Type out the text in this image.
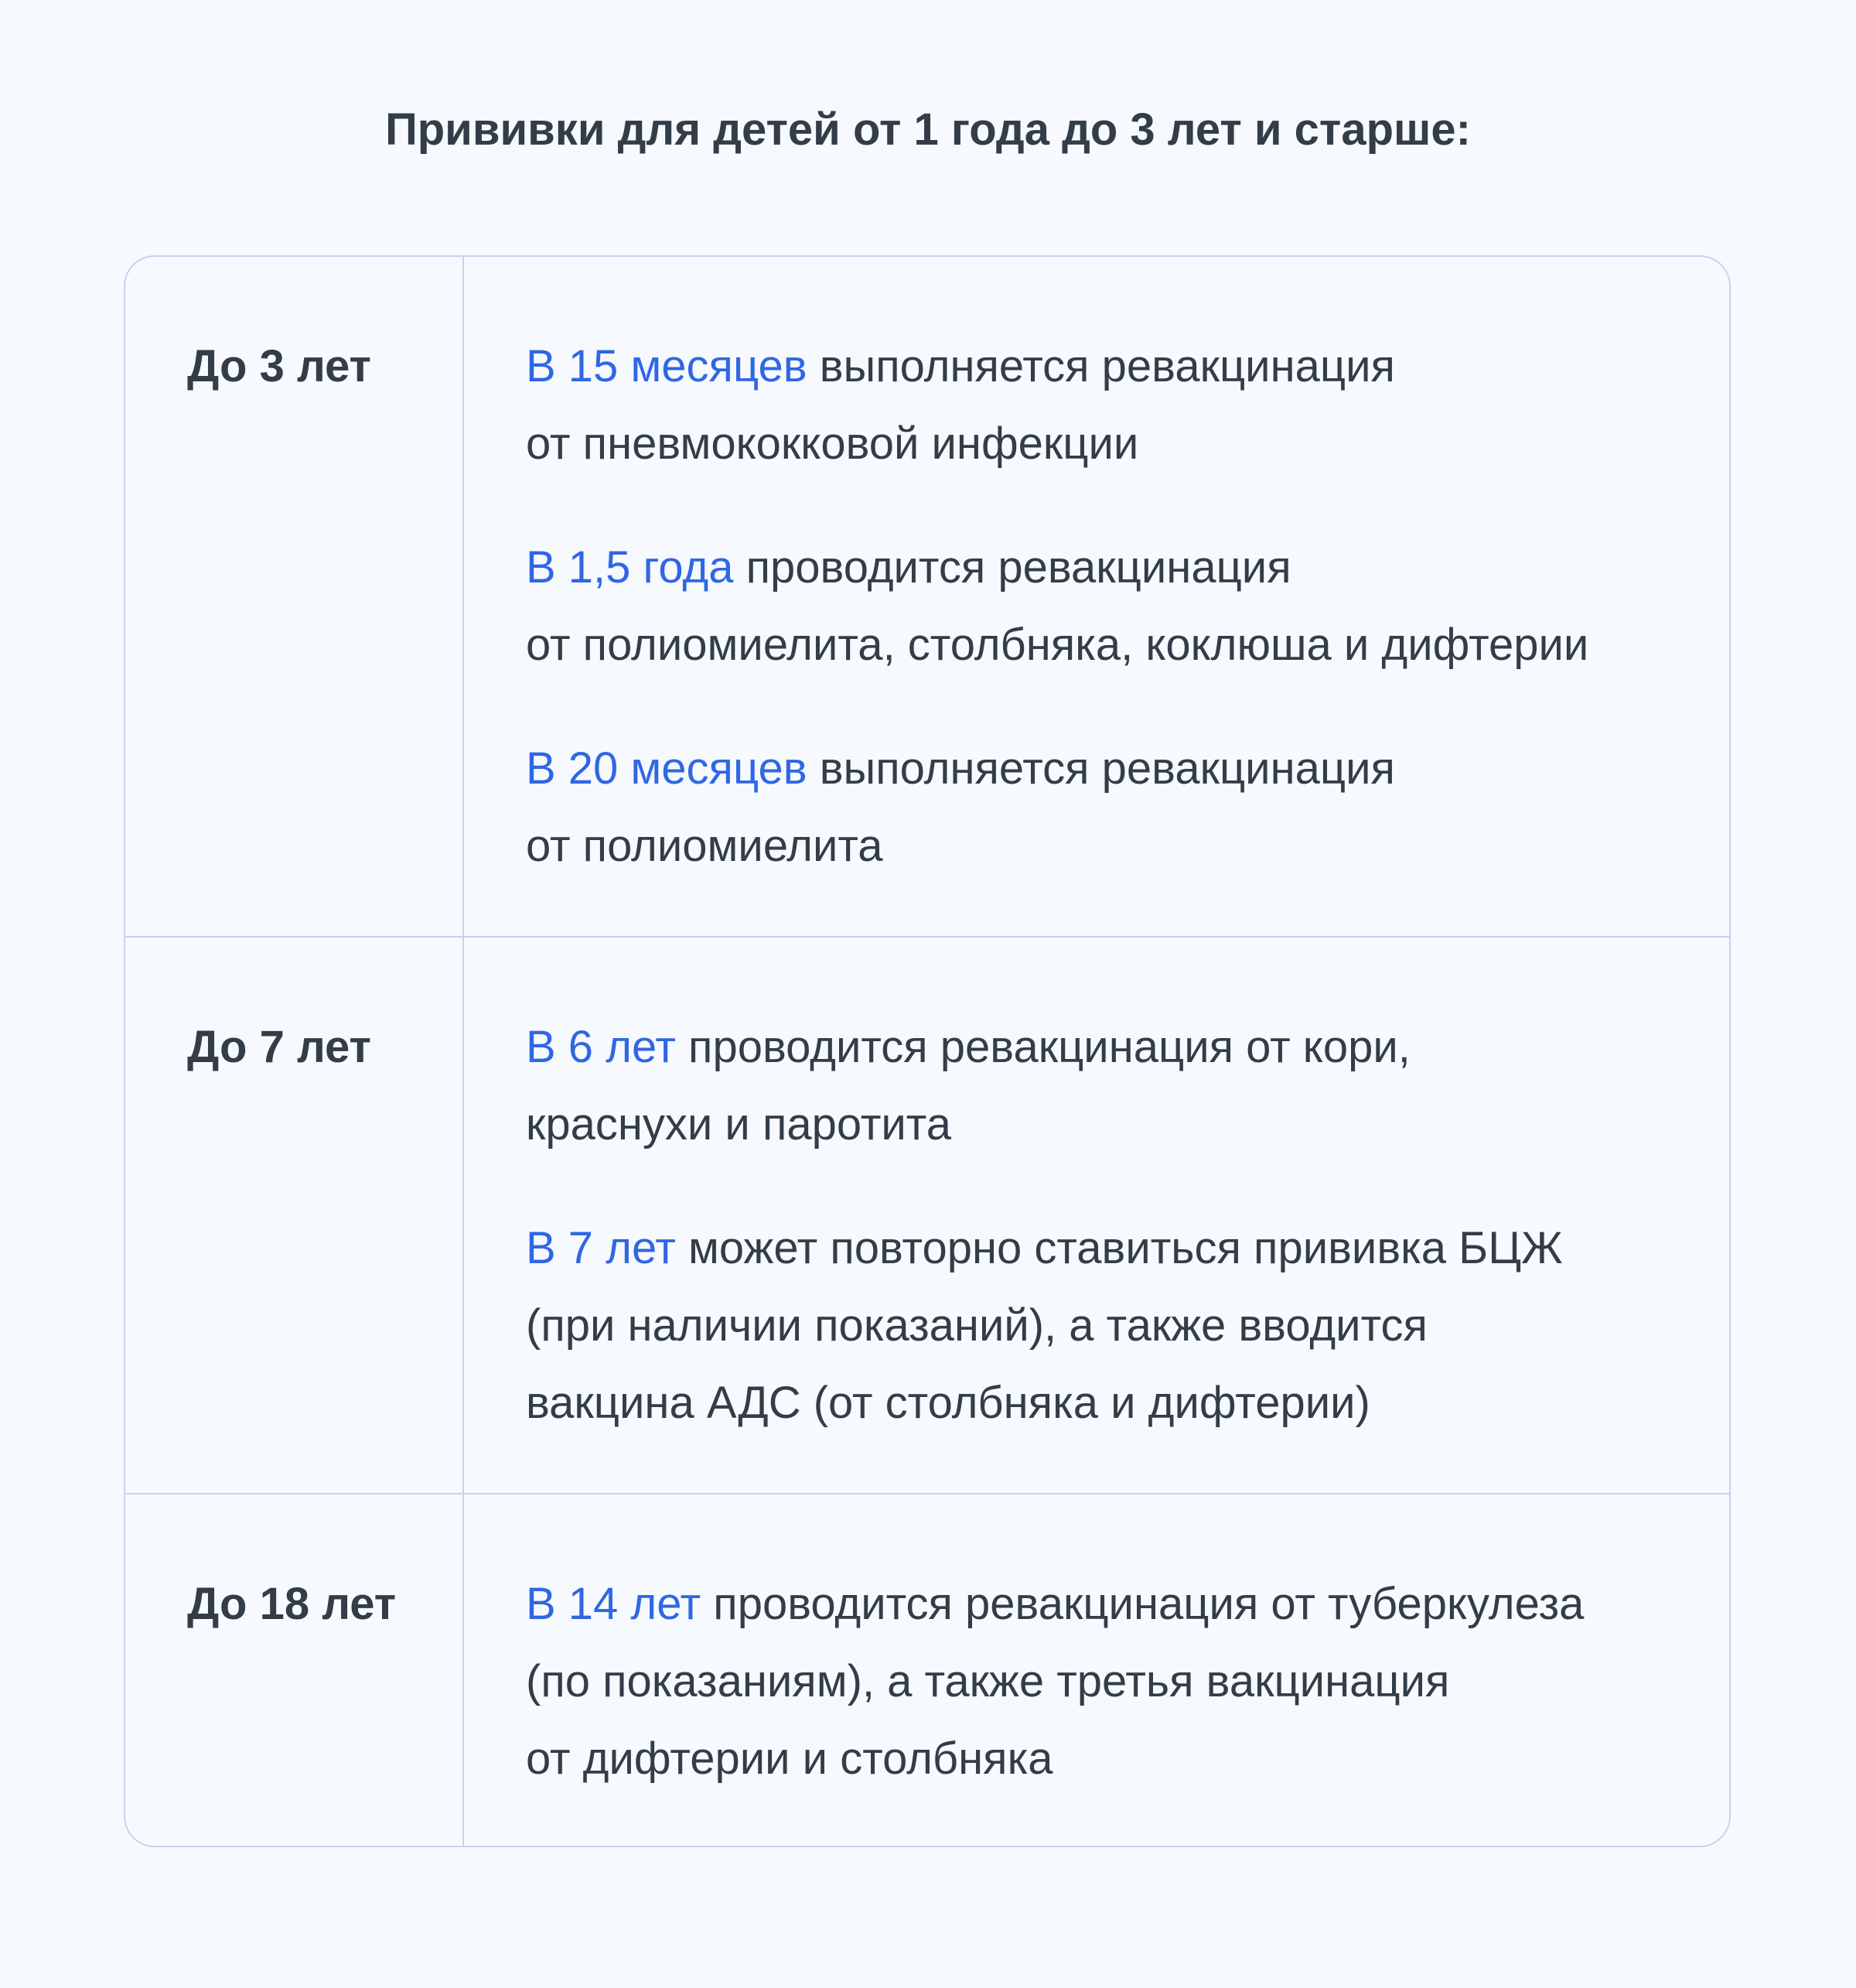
Прививки для детей от 1 года до 3 лет и старше:
До 3 лет	В 15 месяцев выполняется ревакцинация
от пневмококковой инфекции

В 1,5 года проводится ревакцинация
от полиомиелита, столбняка, коклюша и дифтерии

В 20 месяцев выполняется ревакцинация
от полиомиелита

До 7 лет	В 6 лет проводится ревакцинация от кори,
краснухи и паротита

В 7 лет может повторно ставиться прививка БЦЖ
(при наличии показаний), а также вводится
вакцина АДС (от столбняка и дифтерии)

До 18 лет	В 14 лет проводится ревакцинация от туберкулеза
(по показаниям), а также третья вакцинация
от дифтерии и столбняка
